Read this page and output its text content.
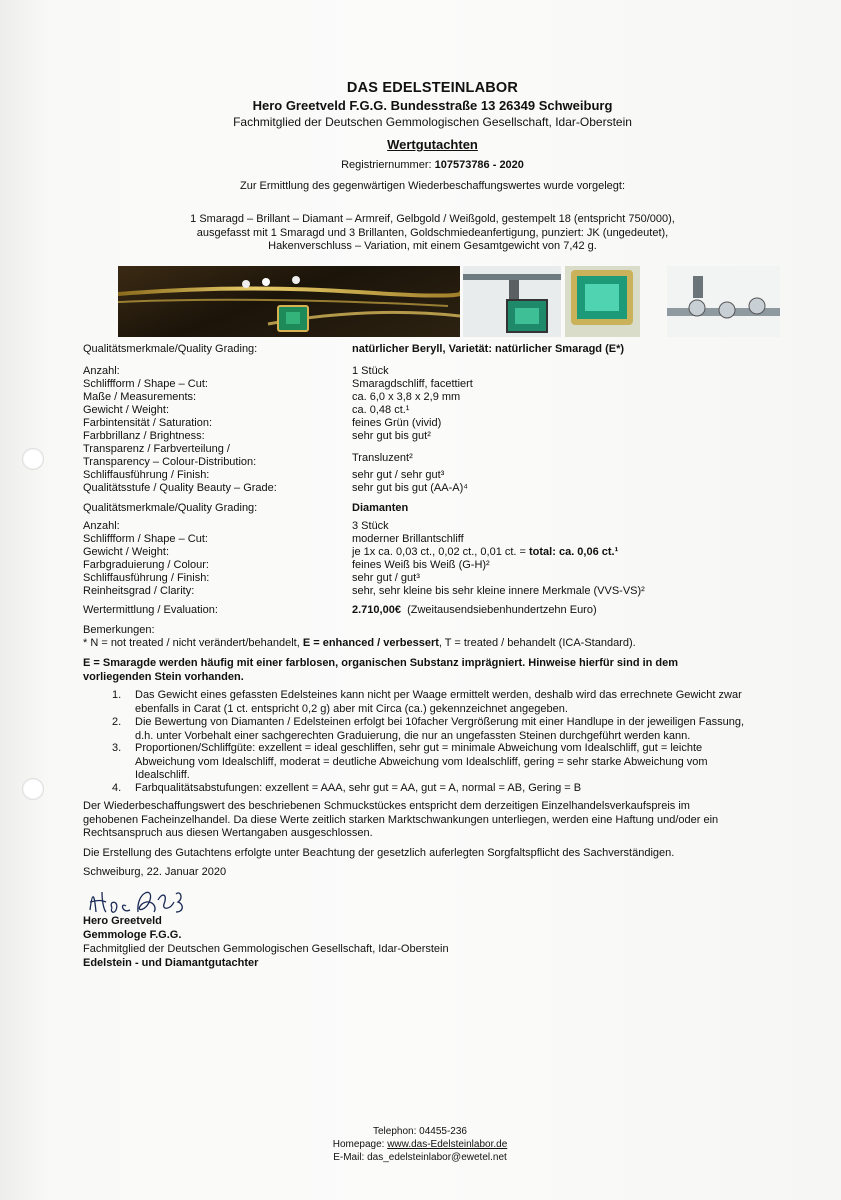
DAS EDELSTEINLABOR
Hero Greetveld F.G.G. Bundesstraße 13 26349 Schweiburg
Fachmitglied der Deutschen Gemmologischen Gesellschaft, Idar-Oberstein
Wertgutachten
Registriernummer: 107573786 - 2020
Zur Ermittlung des gegenwärtigen Wiederbeschaffungswertes wurde vorgelegt:
1 Smaragd – Brillant – Diamant – Armreif, Gelbgold / Weißgold, gestempelt 18 (entspricht 750/000),
ausgefasst mit 1 Smaragd und 3 Brillanten, Goldschmiedeanfertigung, punziert: JK (ungedeutet),
Hakenverschluss – Variation, mit einem Gesamtgewicht von 7,42 g.
Qualitätsmerkmale/Quality Grading:	natürlicher Beryll, Varietät: natürlicher Smaragd (E*)
Anzahl:	1 Stück
Schliffform / Shape – Cut:	Smaragdschliff, facettiert
Maße / Measurements:	ca. 6,0 x 3,8 x 2,9 mm
Gewicht / Weight:	ca. 0,48 ct.¹
Farbintensität / Saturation:	feines Grün (vivid)
Farbbrillanz / Brightness:	sehr gut bis gut²
Transparenz / Farbverteilung /
Transparency – Colour-Distribution:	Transluzent²
Schliffausführung / Finish:	sehr gut / sehr gut³
Qualitätsstufe / Quality Beauty – Grade:	sehr gut bis gut (AA-A)⁴
Qualitätsmerkmale/Quality Grading:	Diamanten
Anzahl:	3 Stück
Schliffform / Shape – Cut:	moderner Brillantschliff
Gewicht / Weight:	je 1x ca. 0,03 ct., 0,02 ct., 0,01 ct. = total: ca. 0,06 ct.¹
Farbgraduierung / Colour:	feines Weiß bis Weiß (G-H)²
Schliffausführung / Finish:	sehr gut / gut³
Reinheitsgrad / Clarity:	sehr, sehr kleine bis sehr kleine innere Merkmale (VVS-VS)²
Wertermittlung / Evaluation:	2.710,00€ (Zweitausendsiebenhundertzehn Euro)
Bemerkungen:
* N = not treated / nicht verändert/behandelt, E = enhanced / verbessert, T = treated / behandelt (ICA-Standard).
E = Smaragde werden häufig mit einer farblosen, organischen Substanz imprägniert. Hinweise hierfür sind in dem
vorliegenden Stein vorhanden.
1. Das Gewicht eines gefassten Edelsteines kann nicht per Waage ermittelt werden, deshalb wird das errechnete Gewicht zwar
ebenfalls in Carat (1 ct. entspricht 0,2 g) aber mit Circa (ca.) gekennzeichnet angegeben.
2. Die Bewertung von Diamanten / Edelsteinen erfolgt bei 10facher Vergrößerung mit einer Handlupe in der jeweiligen Fassung,
d.h. unter Vorbehalt einer sachgerechten Graduierung, die nur an ungefassten Steinen durchgeführt werden kann.
3. Proportionen/Schliffgüte: exzellent = ideal geschliffen, sehr gut = minimale Abweichung vom Idealschliff, gut = leichte
Abweichung vom Idealschliff, moderat = deutliche Abweichung vom Idealschliff, gering = sehr starke Abweichung vom
Idealschliff.
4. Farbqualitätsabstufungen: exzellent = AAA, sehr gut = AA, gut = A, normal = AB, Gering = B
Der Wiederbeschaffungswert des beschriebenen Schmuckstückes entspricht dem derzeitigen Einzelhandelsverkaufspreis im
gehobenen Facheinzelhandel. Da diese Werte zeitlich starken Marktschwankungen unterliegen, werden eine Haftung und/oder ein
Rechtsanspruch aus diesen Wertangaben ausgeschlossen.
Die Erstellung des Gutachtens erfolgte unter Beachtung der gesetzlich auferlegten Sorgfaltspflicht des Sachverständigen.
Schweiburg, 22. Januar 2020
Hero Greetveld
Gemmologe F.G.G.
Fachmitglied der Deutschen Gemmologischen Gesellschaft, Idar-Oberstein
Edelstein - und Diamantgutachter
Telephon: 04455-236
Homepage: www.das-Edelsteinlabor.de
E-Mail: das_edelsteinlabor@ewetel.net
